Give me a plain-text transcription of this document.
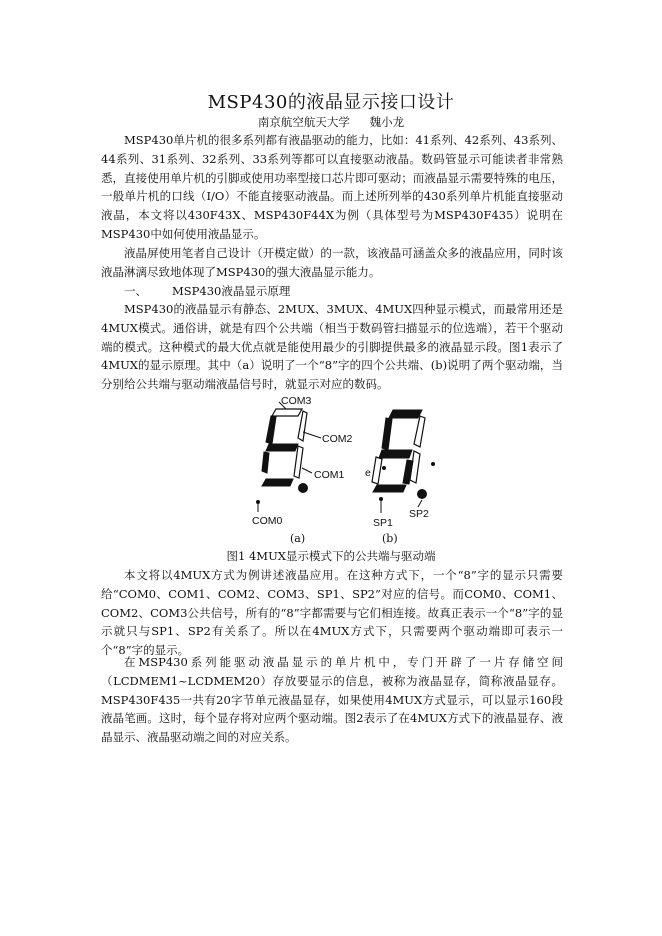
MSP430的液晶显示接口设计
南京航空航天大学 魏小龙

MSP430单片机的很多系列都有液晶驱动的能力，比如：41系列、42系列、43系列、44系列、31系列、32系列、33系列等都可以直接驱动液晶。数码管显示可能读者非常熟悉，直接使用单片机的引脚或使用功率型接口芯片即可驱动；而液晶显示需要特殊的电压，一般单片机的口线（I/O）不能直接驱动液晶。而上述所列举的430系列单片机能直接驱动液晶，本文将以430F43X、MSP430F44X为例（具体型号为MSP430F435）说明在MSP430中如何使用液晶显示。

液晶屏使用笔者自己设计（开模定做）的一款，该液晶可涵盖众多的液晶应用，同时该液晶淋漓尽致地体现了MSP430的强大液晶显示能力。

一、 MSP430液晶显示原理

MSP430的液晶显示有静态、2MUX、3MUX、4MUX四种显示模式，而最常用还是4MUX模式。通俗讲，就是有四个公共端（相当于数码管扫描显示的位选端），若干个驱动端的模式。这种模式的最大优点就是能使用最少的引脚提供最多的液晶显示段。图1表示了4MUX的显示原理。其中（a）说明了一个“8”字的四个公共端、(b)说明了两个驱动端，当分别给公共端与驱动端液晶信号时，就显示对应的数码。

COM3
COM2
COM1
COM0
e
SP1
SP2
(a)	(b)
图1 4MUX显示模式下的公共端与驱动端

本文将以4MUX方式为例讲述液晶应用。在这种方式下，一个“8”字的显示只需要给“COM0、COM1、COM2、COM3、SP1、SP2”对应的信号。而COM0、COM1、COM2、COM3公共信号，所有的“8”字都需要与它们相连接。故真正表示一个“8”字的显示就只与SP1、SP2有关系了。所以在4MUX方式下，只需要两个驱动端即可表示一个“8”字的显示。

在MSP430系列能驱动液晶显示的单片机中，专门开辟了一片存储空间（LCDMEM1~LCDMEM20）存放要显示的信息，被称为液晶显存，简称液晶显存。MSP430F435一共有20字节单元液晶显存，如果使用4MUX方式显示，可以显示160段液晶笔画。这时，每个显存将对应两个驱动端。图2表示了在4MUX方式下的液晶显存、液晶显示、液晶驱动端之间的对应关系。
